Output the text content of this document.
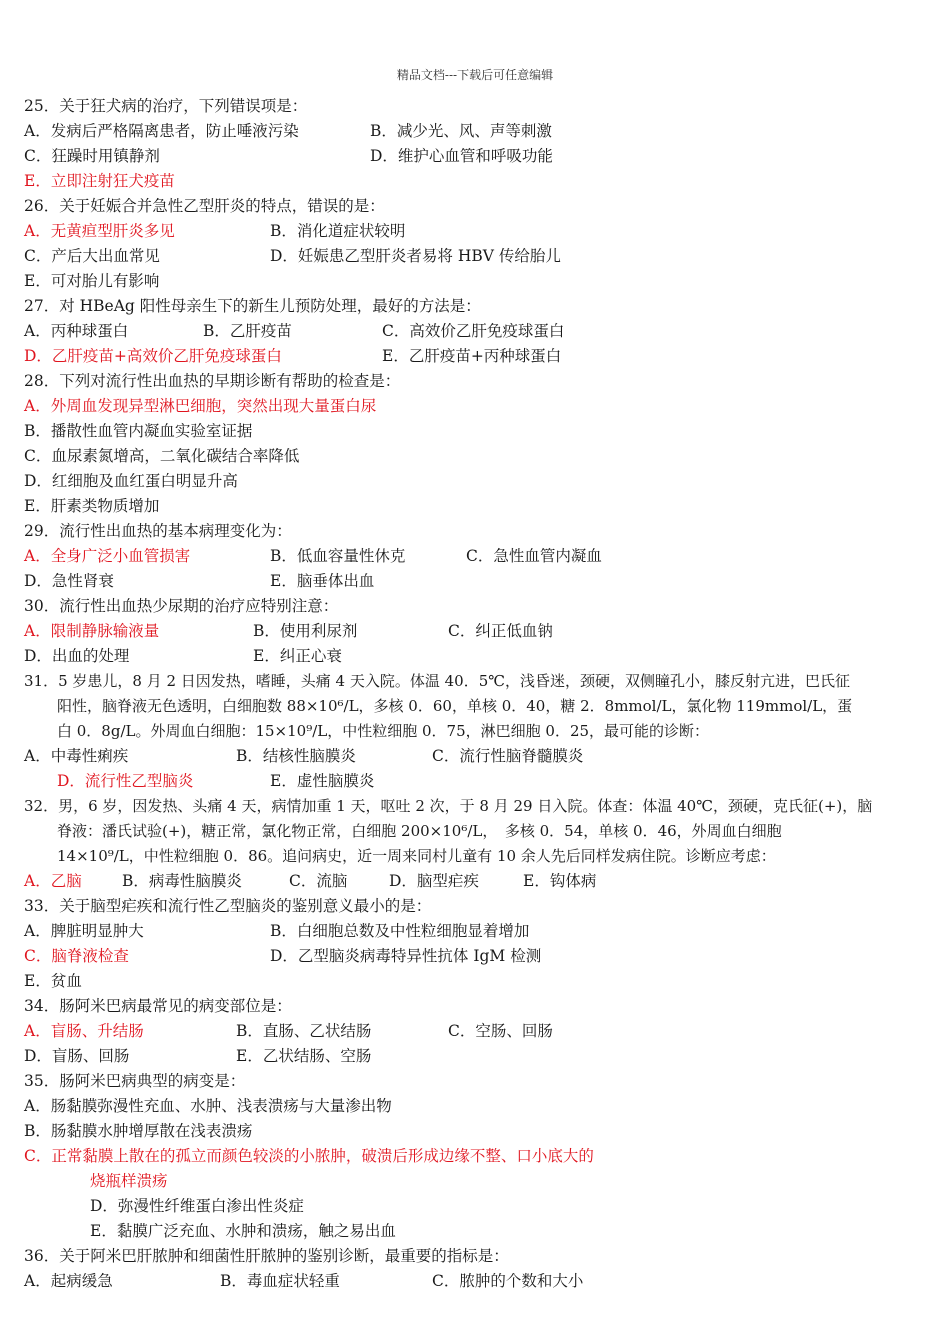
精品文档---下载后可任意编辑
25．关于狂犬病的治疗，下列错误项是：
A．发病后严格隔离患者，防止唾液污染	B．减少光、风、声等刺激
C．狂躁时用镇静剂	D．维护心血管和呼吸功能
E．立即注射狂犬疫苗
26．关于妊娠合并急性乙型肝炎的特点，错误的是：
A．无黄疸型肝炎多见	B．消化道症状较明
C．产后大出血常见	D．妊娠患乙型肝炎者易将 HBV 传给胎儿
E．可对胎儿有影响
27．对 HBeAg 阳性母亲生下的新生儿预防处理，最好的方法是：
A．丙种球蛋白	B．乙肝疫苗	C．高效价乙肝免疫球蛋白
D．乙肝疫苗+高效价乙肝免疫球蛋白	E．乙肝疫苗+丙种球蛋白
28．下列对流行性出血热的早期诊断有帮助的检查是：
A．外周血发现异型淋巴细胞，突然出现大量蛋白尿
B．播散性血管内凝血实验室证据
C．血尿素氮增高，二氧化碳结合率降低
D．红细胞及血红蛋白明显升高
E．肝素类物质增加
29．流行性出血热的基本病理变化为：
A．全身广泛小血管损害	B．低血容量性休克	C．急性血管内凝血
D．急性肾衰	E．脑垂体出血
30．流行性出血热少尿期的治疗应特别注意：
A．限制静脉输液量	B．使用利尿剂	C．纠正低血钠
D．出血的处理	E．纠正心衰
31．5 岁患儿，8 月 2 日因发热，嗜睡，头痛 4 天入院。体温 40．5℃，浅昏迷，颈硬，双侧瞳孔小，膝反射亢进，巴氏征
阳性，脑脊液无色透明，白细胞数 88×10⁶/L，多核 0．60，单核 0．40，糖 2．8mmol/L，氯化物 119mmol/L，蛋
白 0．8g/L。外周血白细胞：15×10⁹/L，中性粒细胞 0．75，淋巴细胞 0．25，最可能的诊断：
A．中毒性痢疾	B．结核性脑膜炎	C．流行性脑脊髓膜炎
D．流行性乙型脑炎	E．虚性脑膜炎
32．男，6 岁，因发热、头痛 4 天，病情加重 1 天，呕吐 2 次，于 8 月 29 日入院。体查：体温 40℃，颈硬，克氏征(+)，脑
脊液：潘氏试验(+)，糖正常，氯化物正常，白细胞 200×10⁶/L，　多核 0．54，单核 0．46，外周血白细胞
14×10⁹/L，中性粒细胞 0．86。追问病史，近一周来同村儿童有 10 余人先后同样发病住院。诊断应考虑：
A．乙脑	B．病毒性脑膜炎	C．流脑	D．脑型疟疾	E．钩体病
33．关于脑型疟疾和流行性乙型脑炎的鉴别意义最小的是：
A．脾脏明显肿大	B．白细胞总数及中性粒细胞显着增加
C．脑脊液检查	D．乙型脑炎病毒特异性抗体 IgM 检测
E．贫血
34．肠阿米巴病最常见的病变部位是：
A．盲肠、升结肠	B．直肠、乙状结肠	C．空肠、回肠
D．盲肠、回肠	E．乙状结肠、空肠
35．肠阿米巴病典型的病变是：
A．肠黏膜弥漫性充血、水肿、浅表溃疡与大量渗出物
B．肠黏膜水肿增厚散在浅表溃疡
C．正常黏膜上散在的孤立而颜色较淡的小脓肿，破溃后形成边缘不整、口小底大的
烧瓶样溃疡
D．弥漫性纤维蛋白渗出性炎症
E．黏膜广泛充血、水肿和溃疡，触之易出血
36．关于阿米巴肝脓肿和细菌性肝脓肿的鉴别诊断，最重要的指标是：
A．起病缓急	B．毒血症状轻重	C．脓肿的个数和大小
